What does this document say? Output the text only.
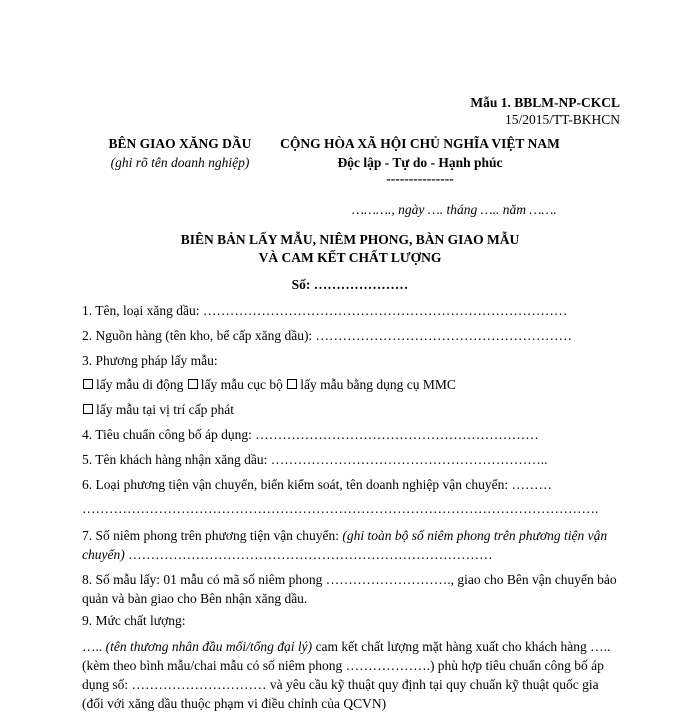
Mẫu 1. BBLM-NP-CKCL
15/2015/TT-BKHCN
BÊN GIAO XĂNG DẦU
(ghi rõ tên doanh nghiệp)
CỘNG HÒA XÃ HỘI CHỦ NGHĨA VIỆT NAM
Độc lập - Tự do - Hạnh phúc
---------------
………., ngày …. tháng ….. năm …….
BIÊN BẢN LẤY MẪU, NIÊM PHONG, BÀN GIAO MẪU
VÀ CAM KẾT CHẤT LƯỢNG
Số: …………………
1. Tên, loại xăng dầu: ………………………………………………………………………
2. Nguồn hàng (tên kho, bể cấp xăng dầu): …………………………………………………
3. Phương pháp lấy mẫu:
lấy mẫu di động lấy mẫu cục bộ lấy mẫu bằng dụng cụ MMC
lấy mẫu tại vị trí cấp phát
4. Tiêu chuẩn công bố áp dụng: ………………………………………………………
5. Tên khách hàng nhận xăng dầu: ……………………………………………………..
6. Loại phương tiện vận chuyển, biển kiểm soát, tên doanh nghiệp vận chuyển: ………
…………………………………………………………………………………………………….
7. Số niêm phong trên phương tiện vận chuyển: (ghi toàn bộ số niêm phong trên phương tiện vận chuyển) ………………………………………………………………………
8. Số mẫu lấy: 01 mẫu có mã số niêm phong ………………………., giao cho Bên vận chuyển bảo quản và bàn giao cho Bên nhận xăng dầu.
9. Mức chất lượng:
….. (tên thương nhân đầu mối/tổng đại lý) cam kết chất lượng mặt hàng xuất cho khách hàng ….. (kèm theo bình mẫu/chai mẫu có số niêm phong ……………….) phù hợp tiêu chuẩn công bố áp dụng số: ………………………… và yêu cầu kỹ thuật quy định tại quy chuẩn kỹ thuật quốc gia (đối với xăng dầu thuộc phạm vi điều chỉnh của QCVN)
